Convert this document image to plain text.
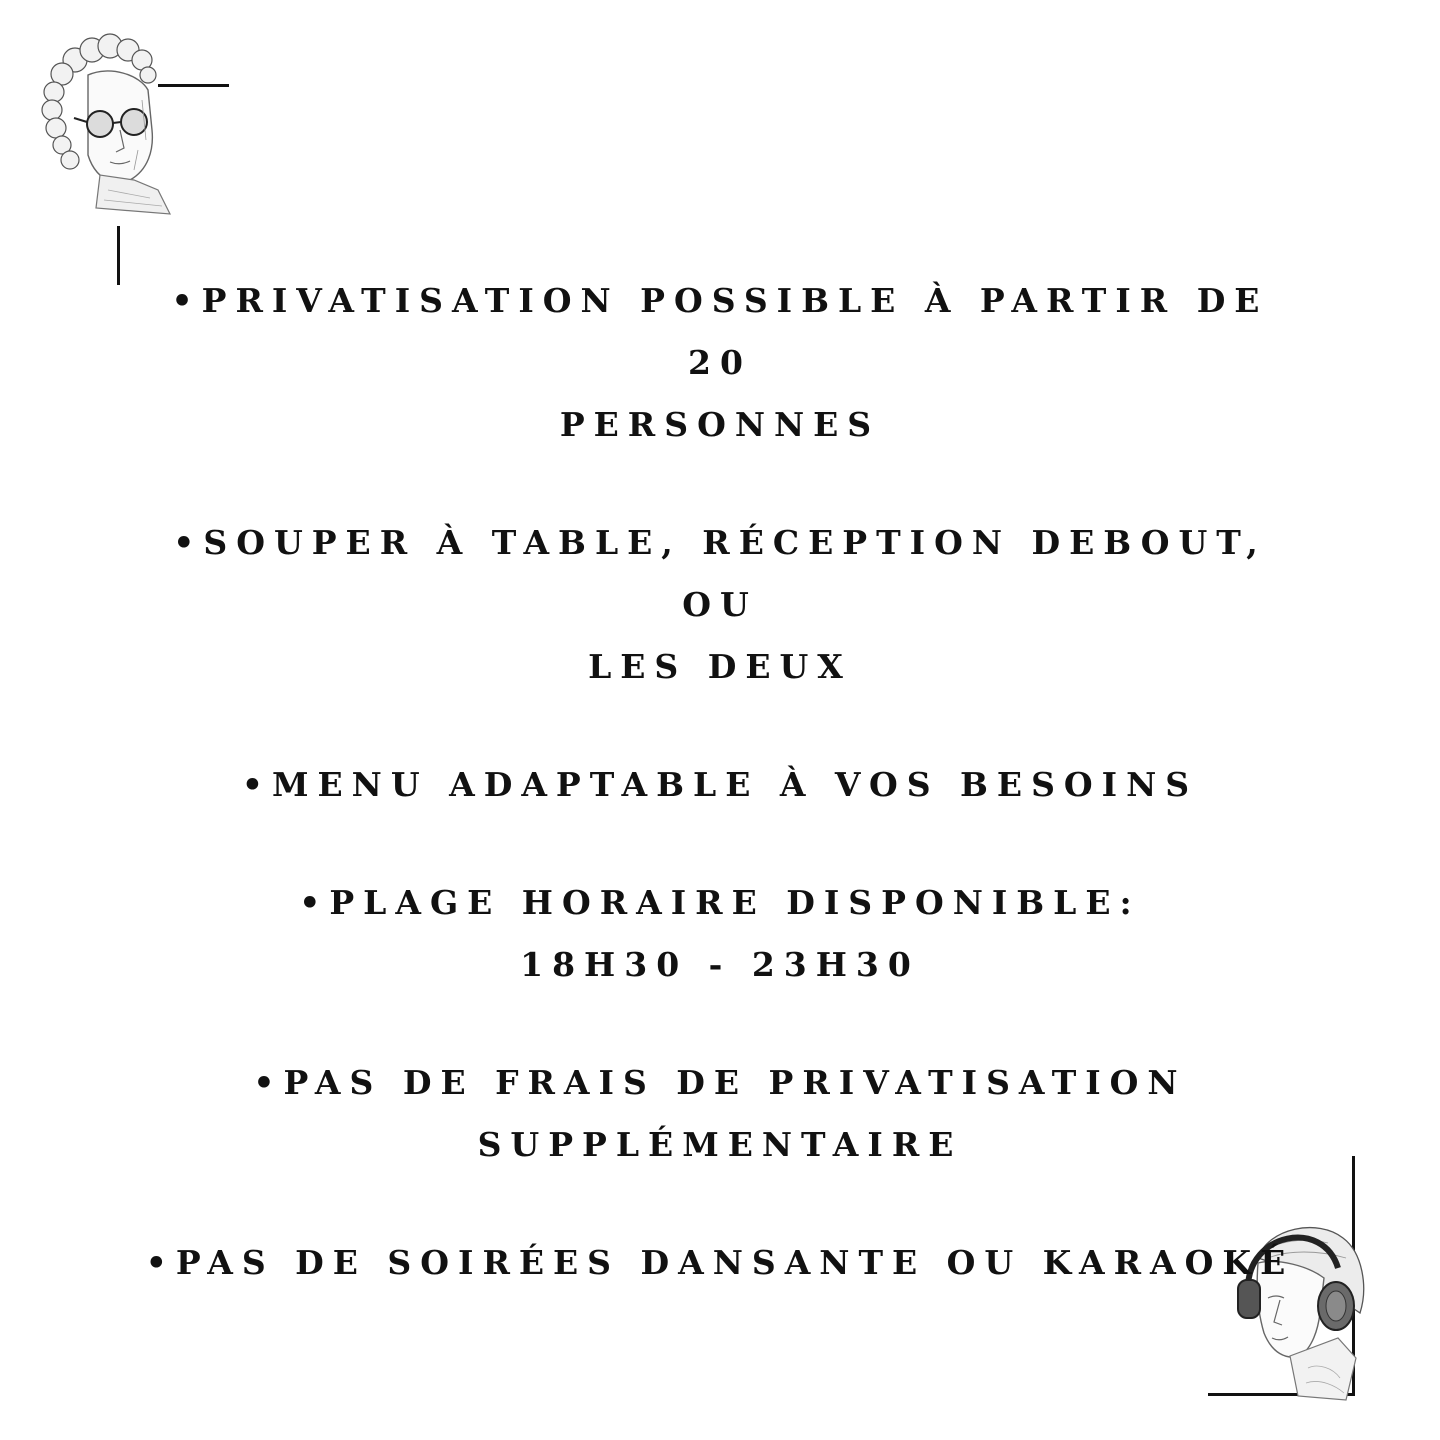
•PRIVATISATION POSSIBLE À PARTIR DE 20
PERSONNES
•SOUPER À TABLE, RÉCEPTION DEBOUT, OU
LES DEUX
•MENU ADAPTABLE À VOS BESOINS
•PLAGE HORAIRE DISPONIBLE:
18H30 - 23H30
•PAS DE FRAIS DE PRIVATISATION
SUPPLÉMENTAIRE
•PAS DE SOIRÉES DANSANTE OU KARAOKÉ
